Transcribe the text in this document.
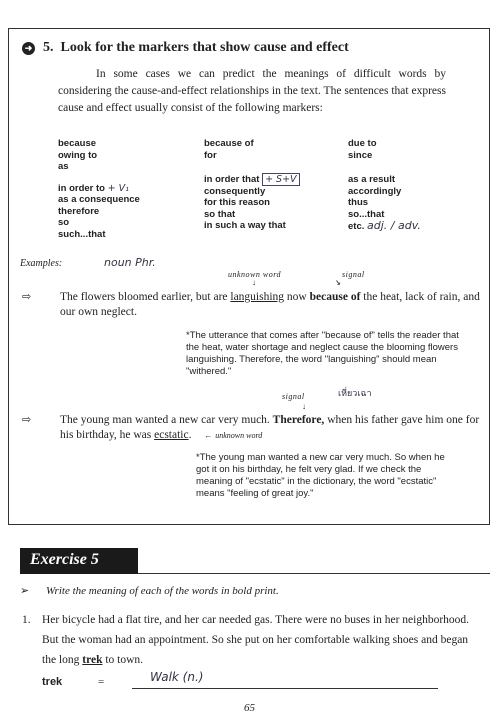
➜ 5.
Look for the markers that show cause and effect

In some cases we can predict the meanings of difficult words by considering the cause-and-effect relationships in the text. The sentences that express cause and effect usually consist of the following markers:

because
owing to
as
in order to + V₁
as a consequence
therefore
so
such...that
because of
for
in order that + S+V
consequently
for this reason
so that
in such a way that
due to
since
as a result
accordingly
thus
so...that
etc. adj. / adv.
Examples:	noun Phr.
unknown word
↓
signal
↘
⇨	The flowers bloomed earlier, but are languishing now because of the heat, lack of rain, and our own neglect.
*The utterance that comes after "because of" tells the reader that the heat, water shortage and neglect cause the blooming flowers languishing. Therefore, the word "languishing" should mean "withered."
เหี่ยวเฉา
signal
↓
⇨	The young man wanted a new car very much. Therefore, when his father gave him one for his birthday, he was ecstatic. ← unknown word
*The young man wanted a new car very much. So when he got it on his birthday, he felt very glad. If we check the meaning of "ecstatic" in the dictionary, the word "ecstatic" means "feeling of great joy."
Exercise 5
➢ Write the meaning of each of the words in bold print.
1. Her bicycle had a flat tire, and her car needed gas. There were no buses in her neighborhood. But the woman had an appointment. So she put on her comfortable walking shoes and began the long trek to town.
trek	=	Walk (n.)
65
